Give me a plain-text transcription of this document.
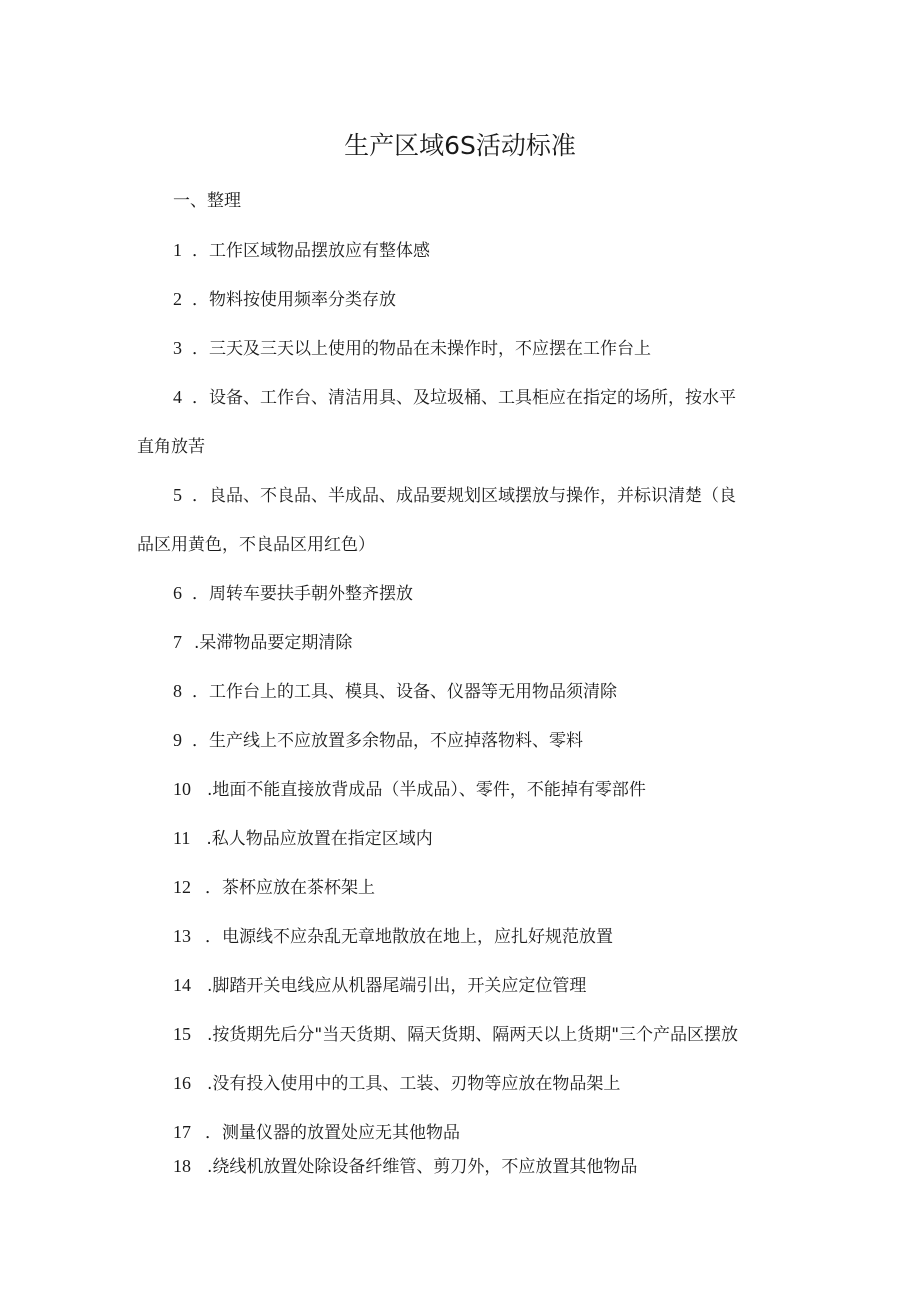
生产区域6S活动标准
一、整理
1 ．工作区域物品摆放应有整体感
2 ．物料按使用频率分类存放
3 ．三天及三天以上使用的物品在未操作时，不应摆在工作台上
4 ．设备、工作台、清洁用具、及垃圾桶、工具柜应在指定的场所，按水平
直角放苦
5 ．良品、不良品、半成品、成品要规划区域摆放与操作，并标识清楚（良
品区用黄色，不良品区用红色）
6 ．周转车要扶手朝外整齐摆放
7 .呆滞物品要定期清除
8 ．工作台上的工具、模具、设备、仪器等无用物品须清除
9 ．生产线上不应放置多余物品，不应掉落物料、零料
10 .地面不能直接放背成品（半成品）、零件，不能掉有零部件
11 .私人物品应放置在指定区域内
12 ．茶杯应放在茶杯架上
13 ．电源线不应杂乱无章地散放在地上，应扎好规范放置
14 .脚踏开关电线应从机器尾端引出，开关应定位管理
15 .按货期先后分"当天货期、隔天货期、隔两天以上货期"三个产品区摆放
16 .没有投入使用中的工具、工装、刃物等应放在物品架上
17 ．测量仪器的放置处应无其他物品
18 .绕线机放置处除设备纤维管、剪刀外，不应放置其他物品
